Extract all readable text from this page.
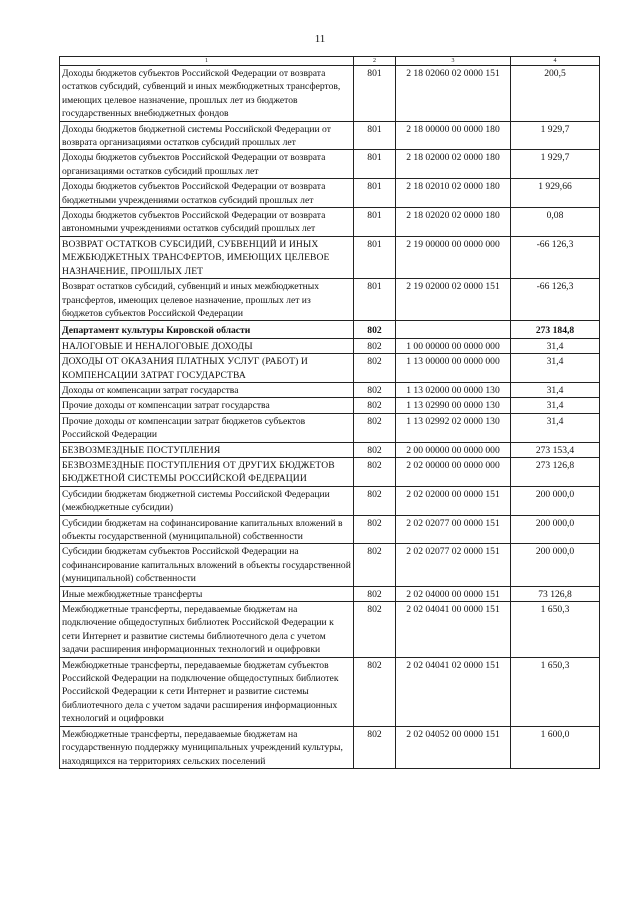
11
1	2	3	4
Доходы бюджетов субъектов Российской Федерации от возврата остатков субсидий, субвенций и иных межбюджетных трансфертов, имеющих целевое назначение, прошлых лет из бюджетов государственных внебюджетных фондов	801	2 18 02060 02 0000 151	200,5
Доходы бюджетов бюджетной системы Российской Федерации от возврата организациями остатков субсидий прошлых лет	801	2 18 00000 00 0000 180	1 929,7
Доходы бюджетов субъектов Российской Федерации от возврата организациями остатков субсидий прошлых лет	801	2 18 02000 02 0000 180	1 929,7
Доходы бюджетов субъектов Российской Федерации от возврата бюджетными учреждениями остатков субсидий прошлых лет	801	2 18 02010 02 0000 180	1 929,66
Доходы бюджетов субъектов Российской Федерации от возврата автономными учреждениями остатков субсидий прошлых лет	801	2 18 02020 02 0000 180	0,08
ВОЗВРАТ ОСТАТКОВ СУБСИДИЙ, СУБВЕНЦИЙ И ИНЫХ МЕЖБЮДЖЕТНЫХ ТРАНСФЕРТОВ, ИМЕЮЩИХ ЦЕЛЕВОЕ НАЗНАЧЕНИЕ, ПРОШЛЫХ ЛЕТ	801	2 19 00000 00 0000 000	-66 126,3
Возврат остатков субсидий, субвенций и иных межбюджетных трансфертов, имеющих целевое назначение, прошлых лет из бюджетов субъектов Российской Федерации	801	2 19 02000 02 0000 151	-66 126,3
Департамент культуры Кировской области	802		273 184,8
НАЛОГОВЫЕ И НЕНАЛОГОВЫЕ ДОХОДЫ	802	1 00 00000 00 0000 000	31,4
ДОХОДЫ ОТ ОКАЗАНИЯ ПЛАТНЫХ УСЛУГ (РАБОТ) И КОМПЕНСАЦИИ ЗАТРАТ ГОСУДАРСТВА	802	1 13 00000 00 0000 000	31,4
Доходы от компенсации затрат государства	802	1 13 02000 00 0000 130	31,4
Прочие доходы от компенсации затрат государства	802	1 13 02990 00 0000 130	31,4
Прочие доходы от компенсации затрат бюджетов субъектов Российской Федерации	802	1 13 02992 02 0000 130	31,4
БЕЗВОЗМЕЗДНЫЕ ПОСТУПЛЕНИЯ	802	2 00 00000 00 0000 000	273 153,4
БЕЗВОЗМЕЗДНЫЕ ПОСТУПЛЕНИЯ ОТ ДРУГИХ БЮДЖЕТОВ БЮДЖЕТНОЙ СИСТЕМЫ РОССИЙСКОЙ ФЕДЕРАЦИИ	802	2 02 00000 00 0000 000	273 126,8
Субсидии бюджетам бюджетной системы Российской Федерации (межбюджетные субсидии)	802	2 02 02000 00 0000 151	200 000,0
Субсидии бюджетам на софинансирование капитальных вложений в объекты государственной (муниципальной) собственности	802	2 02 02077 00 0000 151	200 000,0
Субсидии бюджетам субъектов Российской Федерации на софинансирование капитальных вложений в объекты государственной (муниципальной) собственности	802	2 02 02077 02 0000 151	200 000,0
Иные межбюджетные трансферты	802	2 02 04000 00 0000 151	73 126,8
Межбюджетные трансферты, передаваемые бюджетам на подключение общедоступных библиотек Российской Федерации к сети Интернет и развитие системы библиотечного дела с учетом задачи расширения информационных технологий и оцифровки	802	2 02 04041 00 0000 151	1 650,3
Межбюджетные трансферты, передаваемые бюджетам субъектов Российской Федерации на подключение общедоступных библиотек Российской Федерации к сети Интернет и развитие системы библиотечного дела с учетом задачи расширения информационных технологий и оцифровки	802	2 02 04041 02 0000 151	1 650,3
Межбюджетные трансферты, передаваемые бюджетам на государственную поддержку муниципальных учреждений культуры, находящихся на территориях сельских поселений	802	2 02 04052 00 0000 151	1 600,0
